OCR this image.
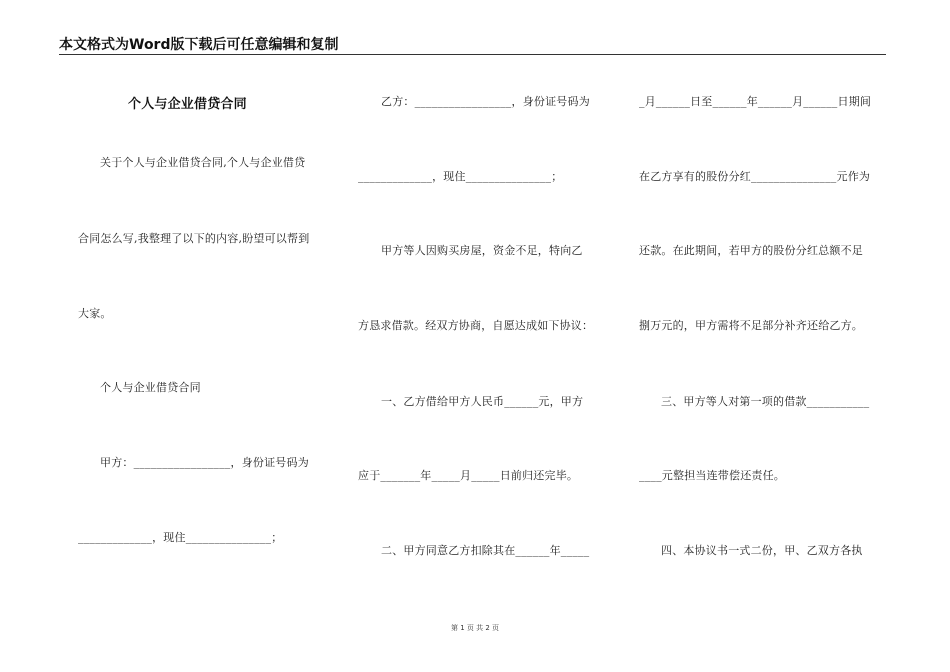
本文格式为Word版下载后可任意编辑和复制
个人与企业借贷合同
关于个人与企业借贷合同,个人与企业借贷
合同怎么写,我整理了以下的内容,盼望可以帮到
大家。
个人与企业借贷合同
甲方：_________________，身份证号码为
_____________，现住_______________；
乙方：_________________，身份证号码为
_____________，现住_______________；
甲方等人因购买房屋，资金不足，特向乙
方恳求借款。经双方协商，自愿达成如下协议：
一、乙方借给甲方人民币______元，甲方
应于_______年_____月_____日前归还完毕。
二、甲方同意乙方扣除其在______年_____
_月______日至______年______月______日期间
在乙方享有的股份分红_______________元作为
还款。在此期间，若甲方的股份分红总额不足
捌万元的，甲方需将不足部分补齐还给乙方。
三、甲方等人对第一项的借款___________
____元整担当连带偿还责任。
四、本协议书一式二份，甲、乙双方各执
第 1 页 共 2 页
